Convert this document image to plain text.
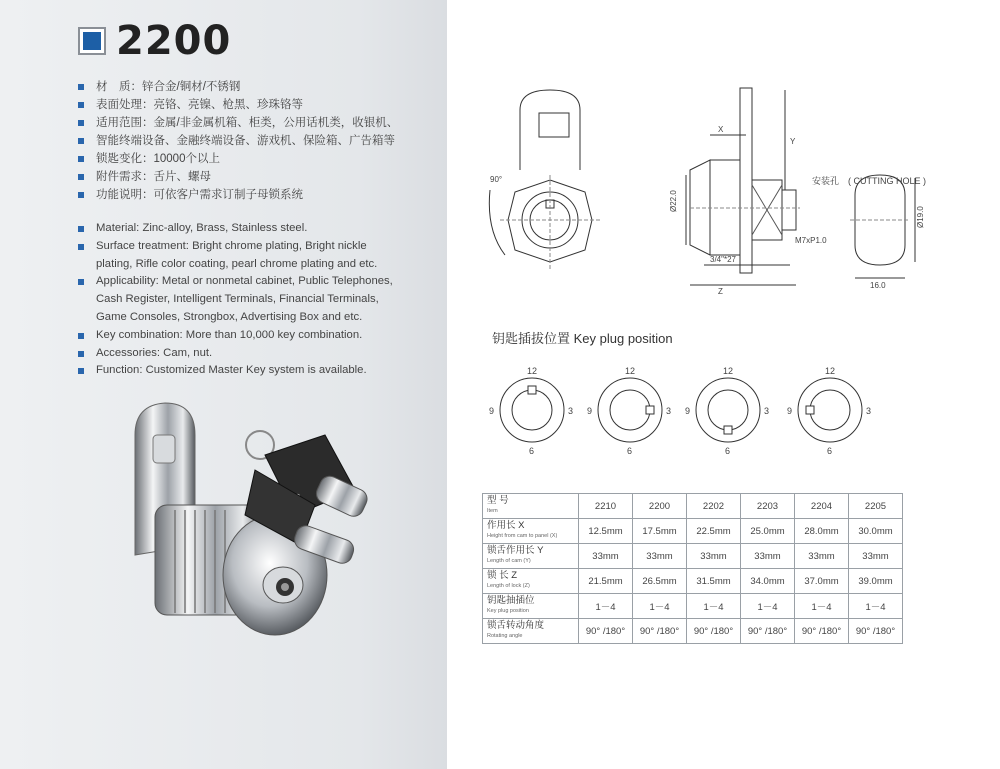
2200
材　质：锌合金/铜材/不锈钢
表面处理：亮铬、亮镍、枪黑、珍珠铬等
适用范围：金属/非金属机箱、柜类，公用话机类，收银机、
智能终端设备、金融终端设备、游戏机、保险箱、广告箱等
锁匙变化：10000个以上
附件需求：舌片、螺母
功能说明：可依客户需求订制子母锁系统
Material: Zinc-alloy, Brass, Stainless steel.
Surface treatment: Bright chrome plating, Bright nickle
plating, Rifle color coating, pearl chrome plating and etc.
Applicability: Metal or nonmetal cabinet, Public Telephones,
Cash Register, Intelligent Terminals, Financial Terminals,
Game Consoles, Strongbox, Advertising Box and etc.
Key combination: More than 10,000 key combination.
Accessories: Cam, nut.
Function: Customized Master Key system is available.
90°
X
Y
Z
Ø22.0
3/4"*27
M7xP1.0
安装孔　( CUTTING HOLE )
Ø19.0
16.0
钥匙插拔位置 Key plug position
12
3
6
9
12
3
6
9
12
3
6
9
12
3
6
9
型 号
Item	2210	2200	2202	2203	2204	2205

作用长 X
Height from cam to panel (X)	12.5mm	17.5mm	22.5mm	25.0mm	28.0mm	30.0mm

锁舌作用长 Y
Length of cam (Y)	33mm	33mm	33mm	33mm	33mm	33mm

锁 长 Z
Length of lock (Z)	21.5mm	26.5mm	31.5mm	34.0mm	37.0mm	39.0mm

钥匙抽插位
Key plug position	1－4	1－4	1－4	1－4	1－4	1－4

锁舌转动角度
Rotating angle	90° /180°	90° /180°	90° /180°	90° /180°	90° /180°	90° /180°
